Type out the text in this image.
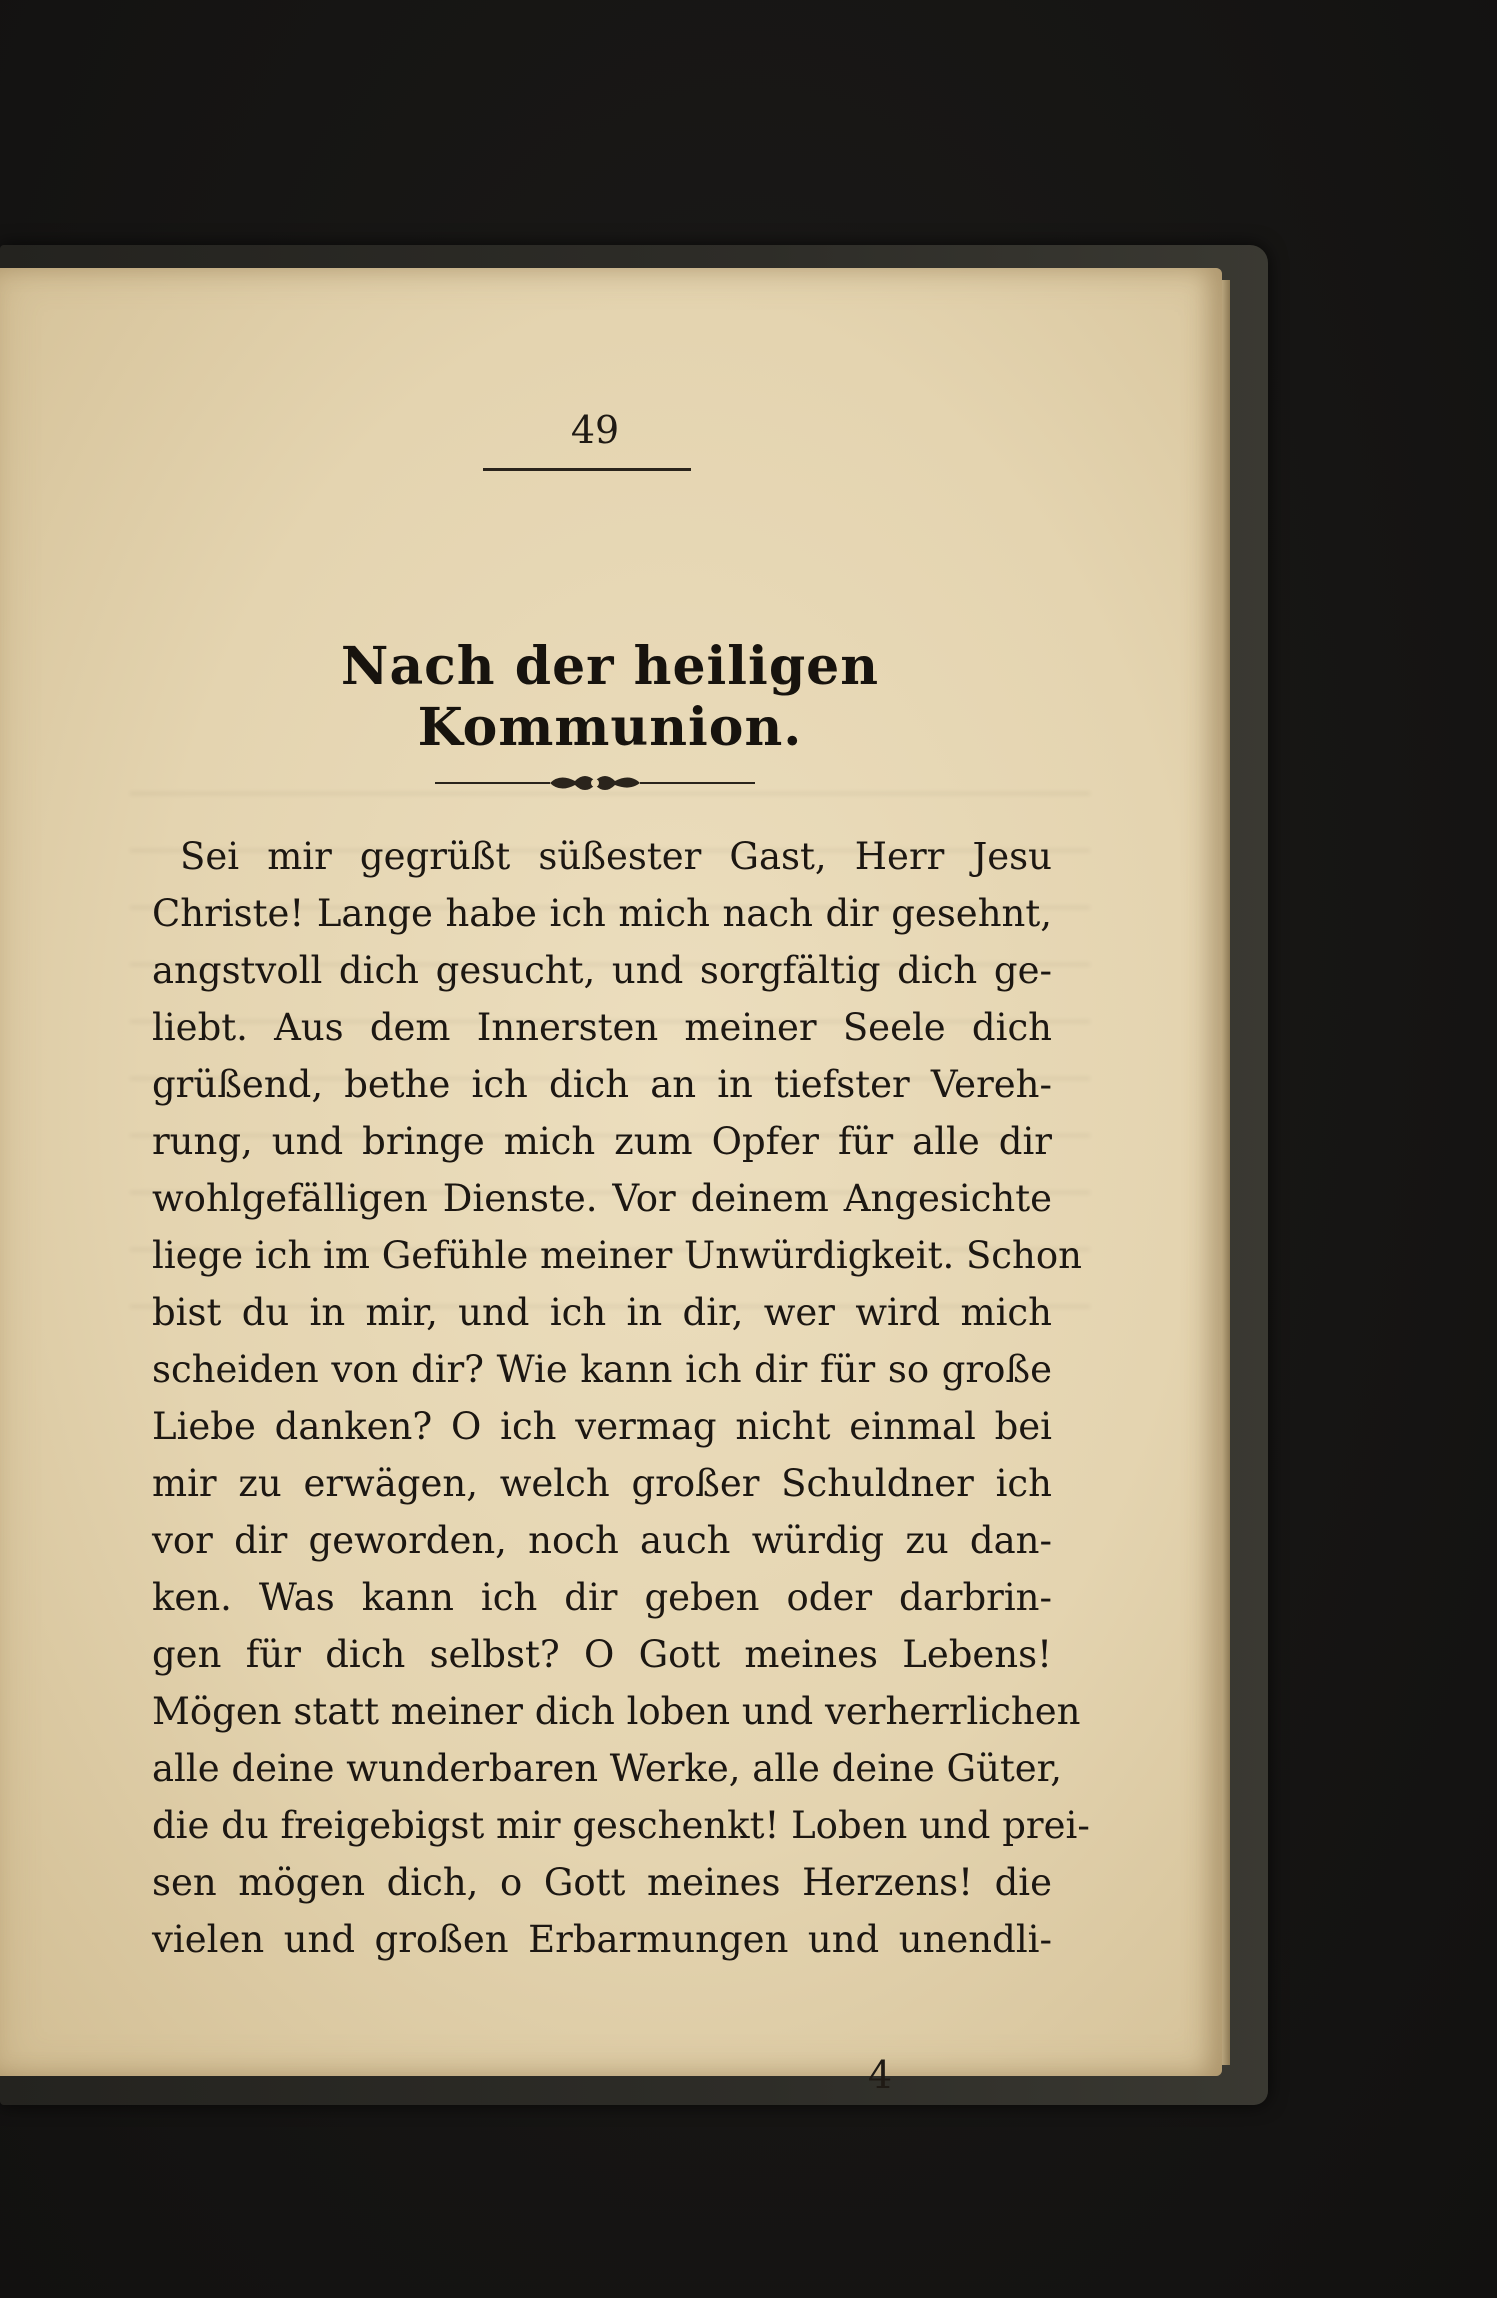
49
Nach der heiligen Kommunion.
Sei mir gegrüßt süßester Gast, Herr Jesu
Christe! Lange habe ich mich nach dir gesehnt,
angstvoll dich gesucht, und sorgfältig dich ge-
liebt. Aus dem Innersten meiner Seele dich
grüßend, bethe ich dich an in tiefster Vereh-
rung, und bringe mich zum Opfer für alle dir
wohlgefälligen Dienste. Vor deinem Angesichte
liege ich im Gefühle meiner Unwürdigkeit. Schon
bist du in mir, und ich in dir, wer wird mich
scheiden von dir? Wie kann ich dir für so große
Liebe danken? O ich vermag nicht einmal bei
mir zu erwägen, welch großer Schuldner ich
vor dir geworden, noch auch würdig zu dan-
ken. Was kann ich dir geben oder darbrin-
gen für dich selbst? O Gott meines Lebens!
Mögen statt meiner dich loben und verherrlichen
alle deine wunderbaren Werke, alle deine Güter,
die du freigebigst mir geschenkt! Loben und prei-
sen mögen dich, o Gott meines Herzens! die
vielen und großen Erbarmungen und unendli-
4
